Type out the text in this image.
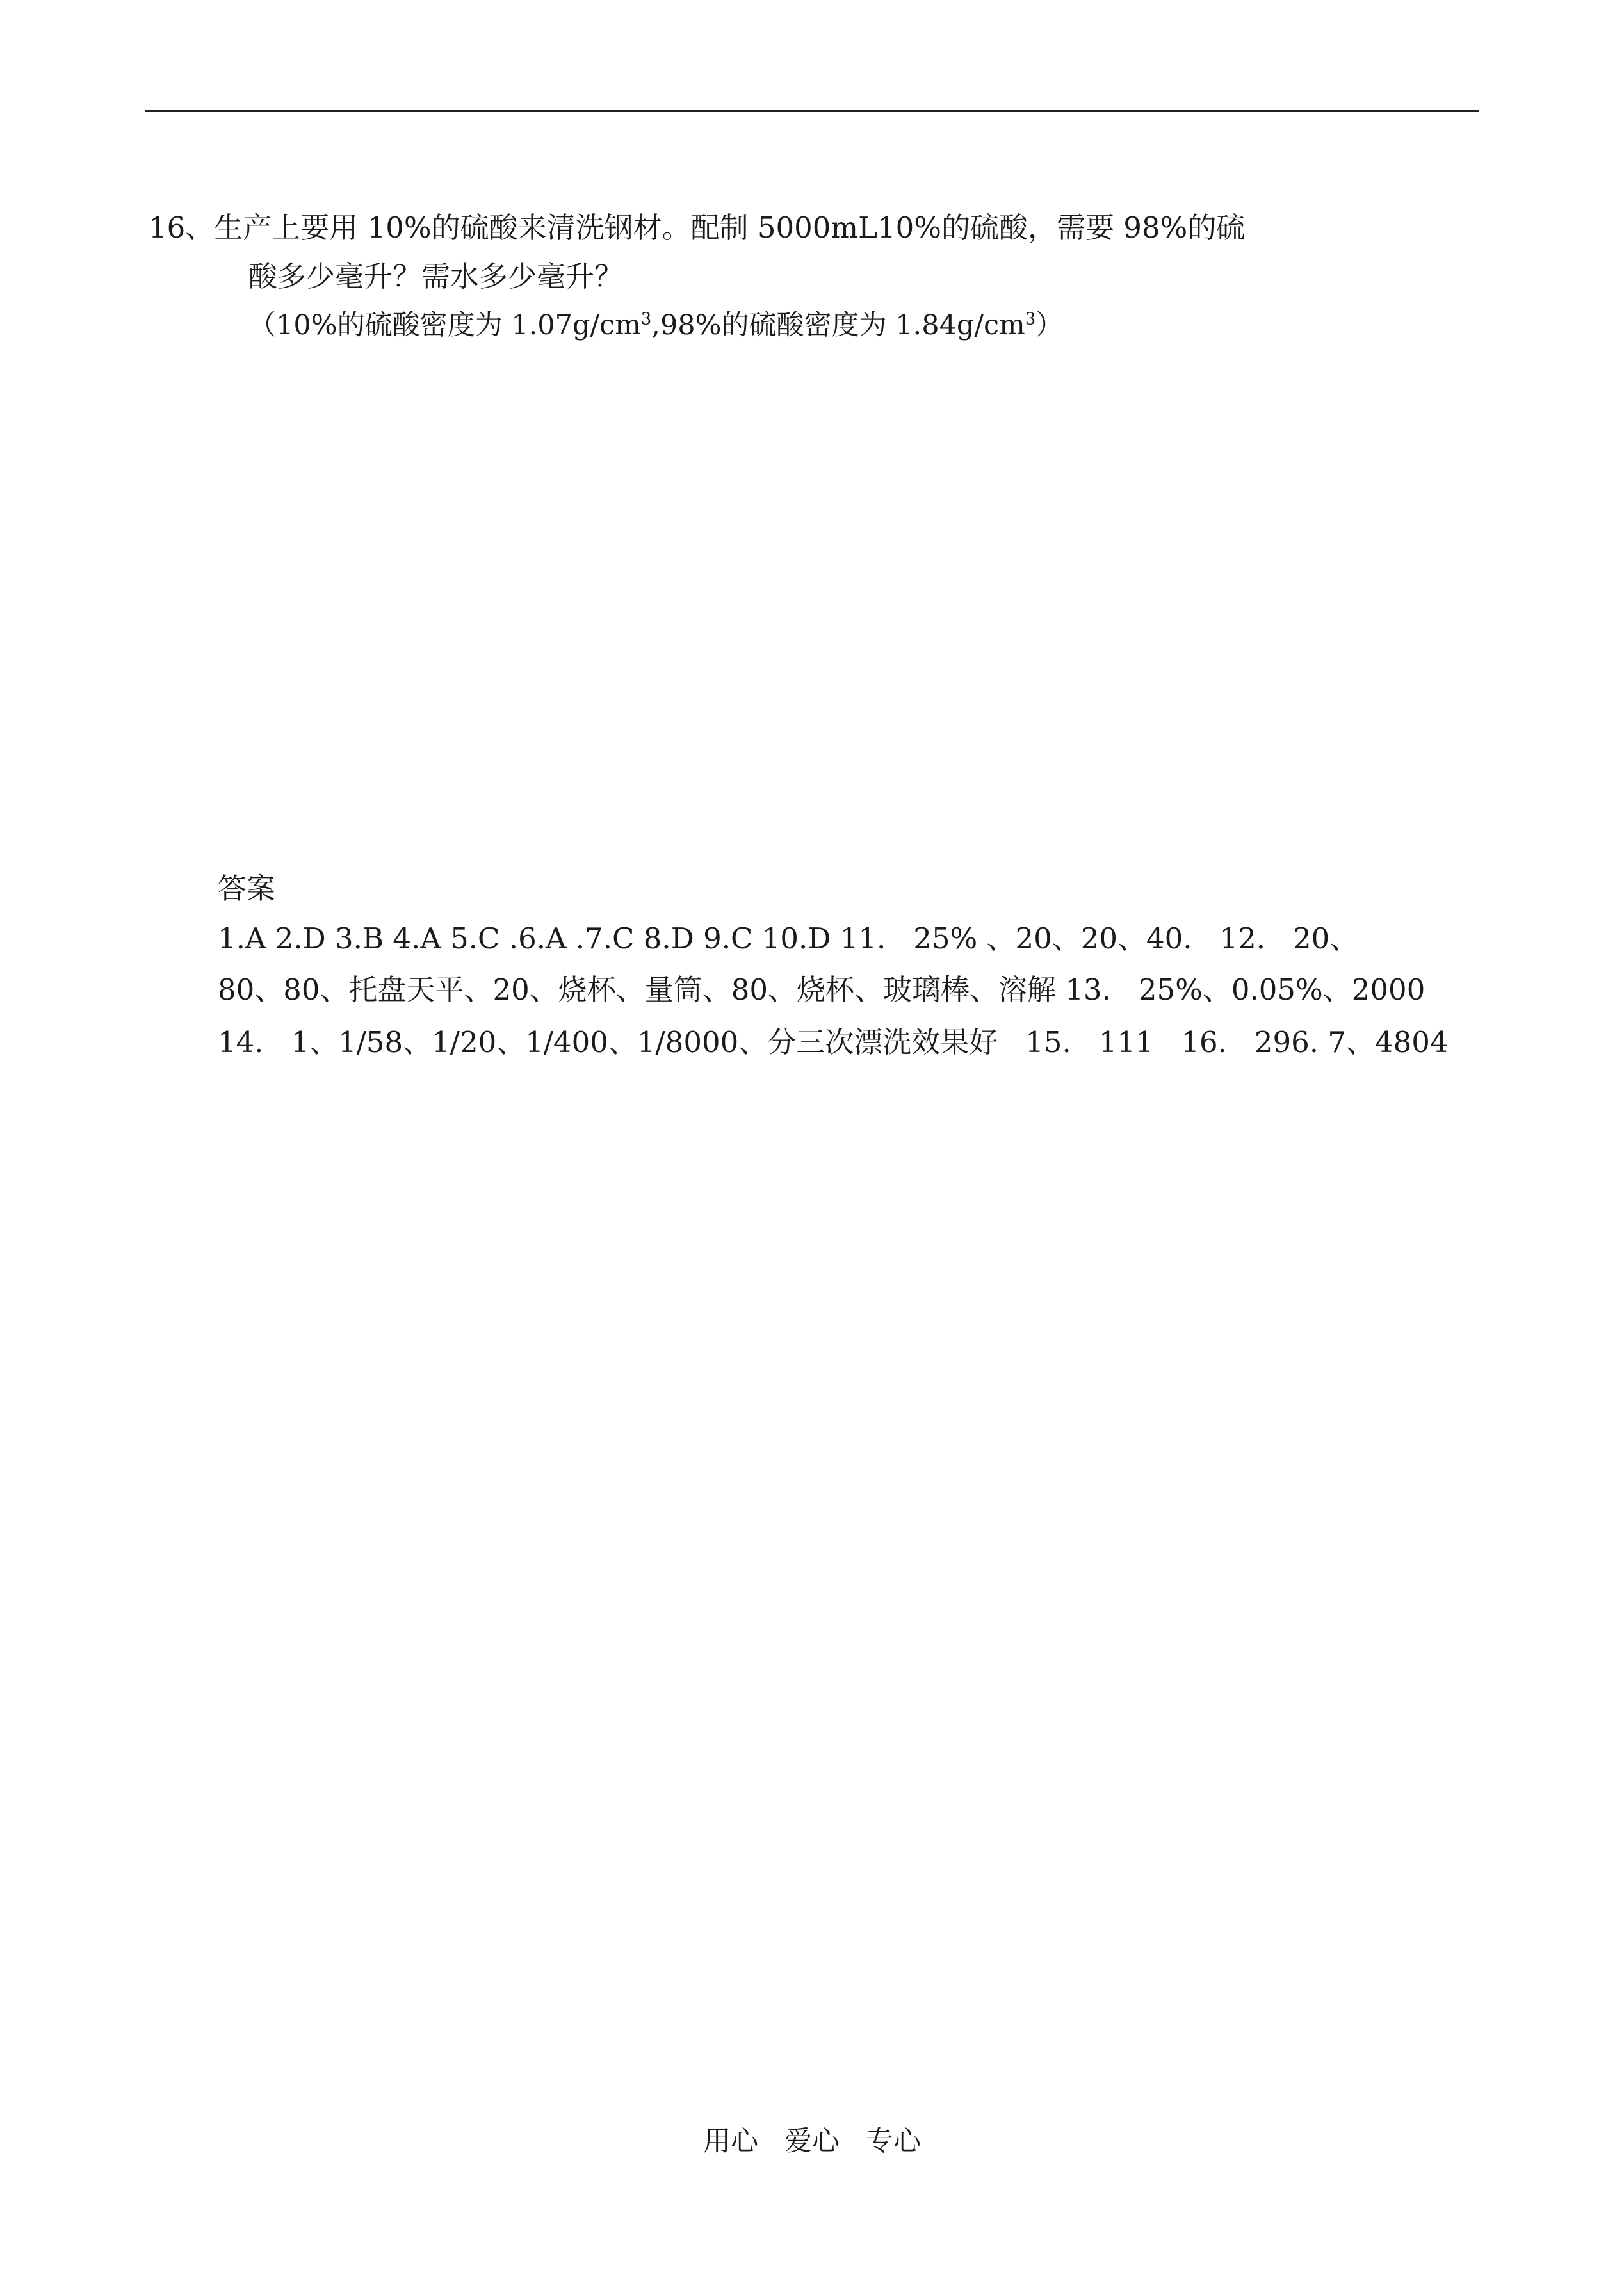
16、生产上要用 10%的硫酸来清洗钢材。配制 5000mL10%的硫酸，需要 98%的硫
酸多少毫升？需水多少毫升？
（10%的硫酸密度为 $1.07g/cm^3,98\%$的硫酸密度为 $1.84g/cm^3$）
答案
1.A 2.D 3.B 4.A 5.C .6.A .7.C 8.D 9.C 10.D 11.   25% 、20、20、40.   12.   20、
80、80、托盘天平、20、烧杯、量筒、80、烧杯、玻璃棒、溶解 13.   25%、0.05%、2000
14.   1、1/58、1/20、1/400、1/8000、分三次漂洗效果好   15.   111   16.   296. 7、4804
用心   爱心   专心
